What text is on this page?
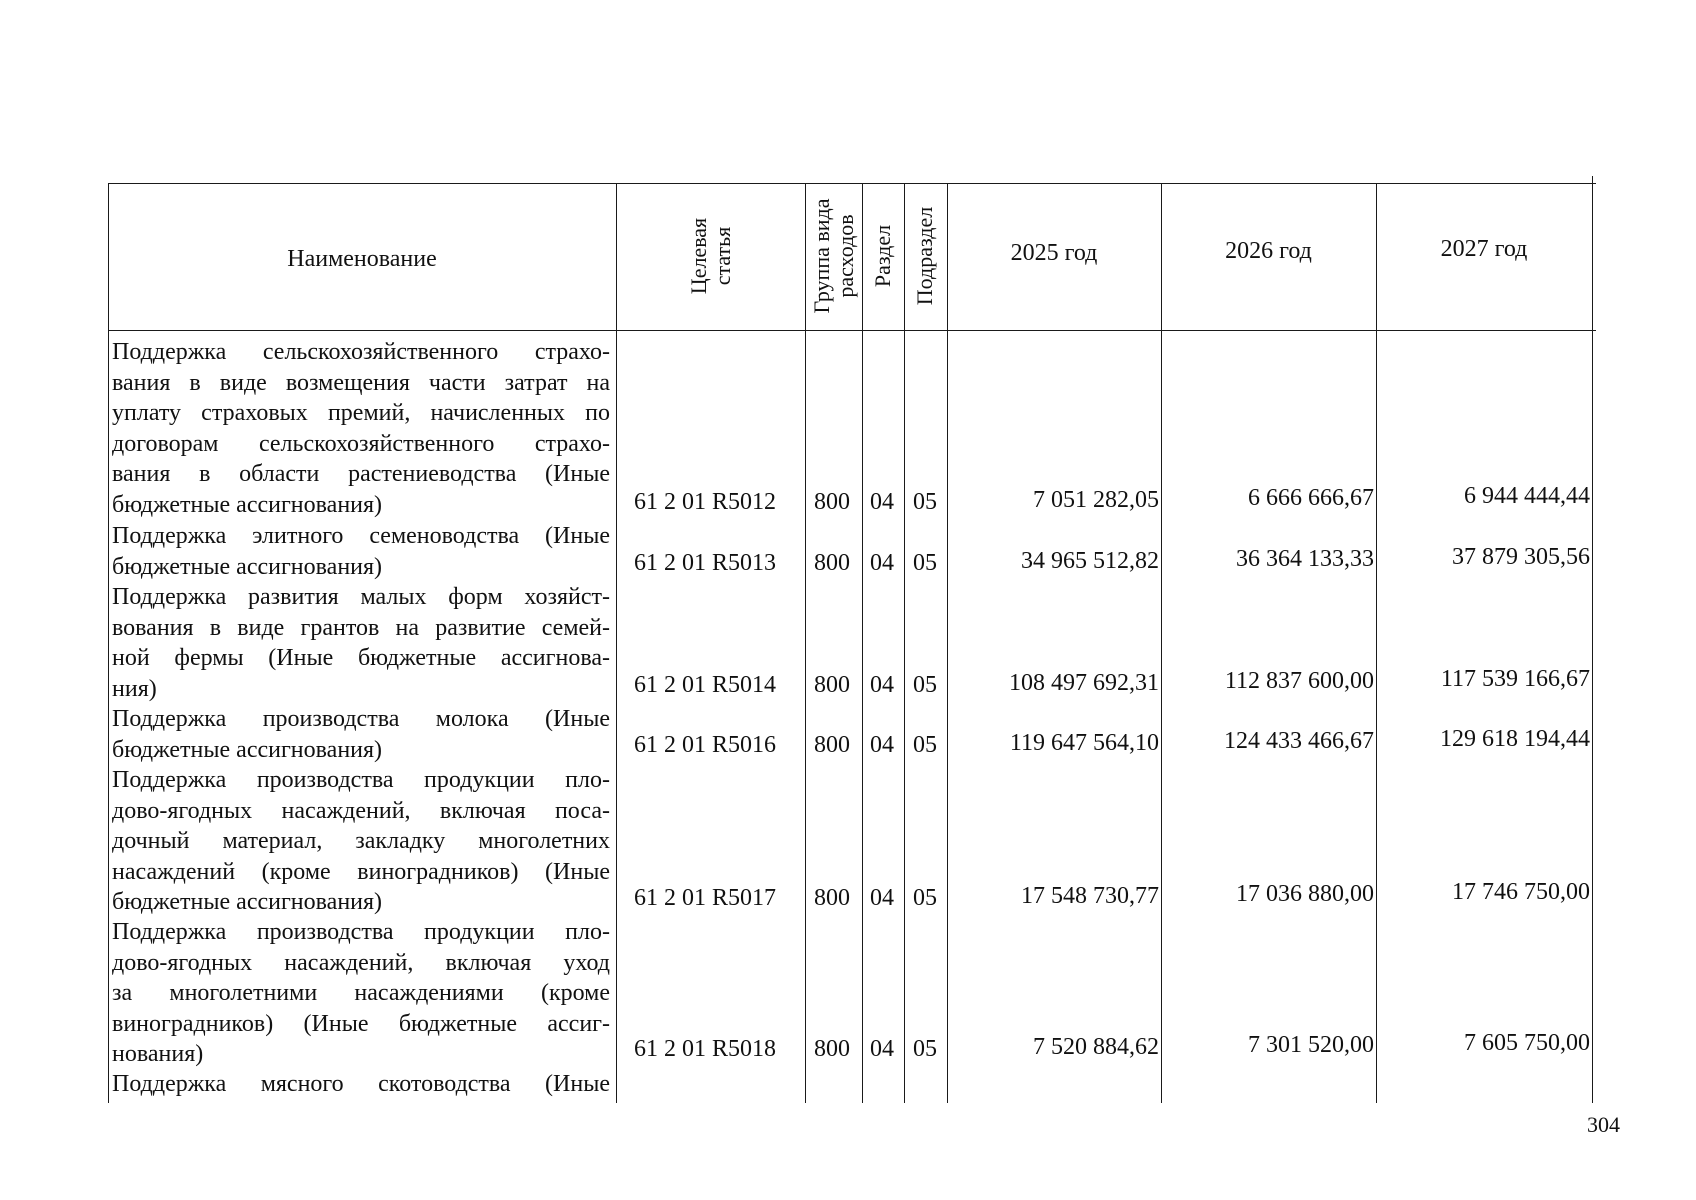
Наименование	Целевая статья	Группа вида расходов Раздел Подраздел	2025 год	2026 год	2027 год
Поддержка сельскохозяйственного страхо-
вания в виде возмещения части затрат на
уплату страховых премий, начисленных по
договорам сельскохозяйственного страхо-
вания в области растениеводства (Иные
бюджетные ассигнования)	61 2 01 R5012 800 04 05	7 051 282,05	6 666 666,67	6 944 444,44
Поддержка элитного семеноводства (Иные
бюджетные ассигнования)	61 2 01 R5013 800 04 05	34 965 512,82	36 364 133,33	37 879 305,56
Поддержка развития малых форм хозяйст-
вования в виде грантов на развитие семей-
ной фермы (Иные бюджетные ассигнова-
ния)	61 2 01 R5014 800 04 05	108 497 692,31	112 837 600,00	117 539 166,67
Поддержка производства молока (Иные
бюджетные ассигнования)	61 2 01 R5016 800 04 05	119 647 564,10	124 433 466,67	129 618 194,44
Поддержка производства продукции пло-
дово-ягодных насаждений, включая поса-
дочный материал, закладку многолетних
насаждений (кроме виноградников) (Иные
бюджетные ассигнования)	61 2 01 R5017 800 04 05	17 548 730,77	17 036 880,00	17 746 750,00
Поддержка производства продукции пло-
дово-ягодных насаждений, включая уход
за многолетними насаждениями (кроме
виноградников) (Иные бюджетные ассиг-
нования)	61 2 01 R5018 800 04 05	7 520 884,62	7 301 520,00	7 605 750,00
Поддержка мясного скотоводства (Иные
304
